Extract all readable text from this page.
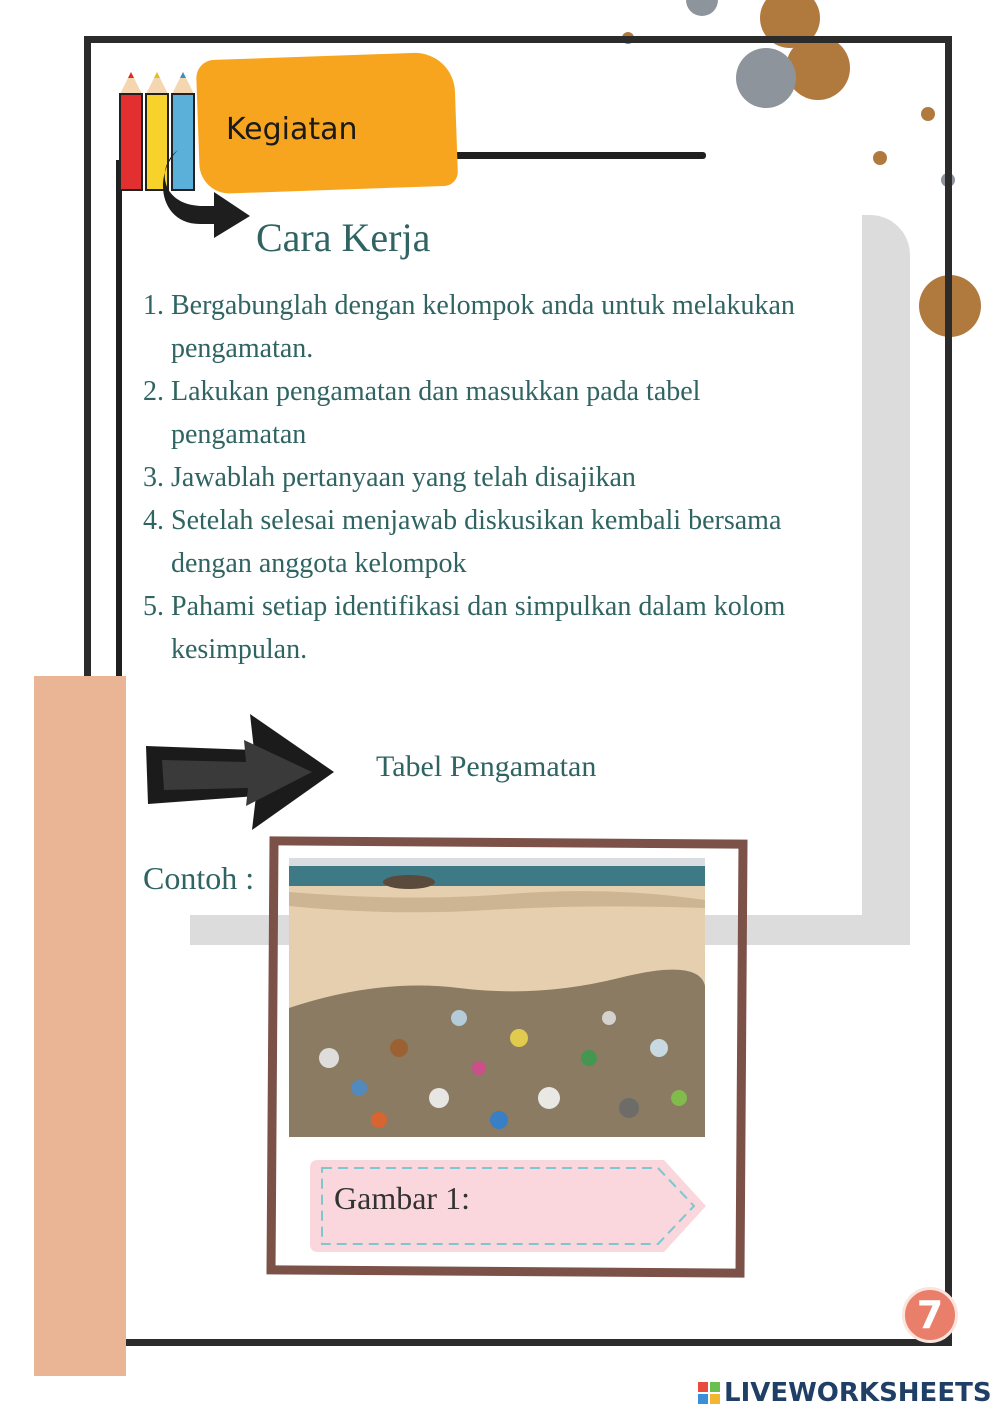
Kegiatan
Cara Kerja
1. Bergabunglah dengan kelompok anda untuk melakukan pengamatan.
2. Lakukan pengamatan dan masukkan pada tabel pengamatan
3. Jawablah pertanyaan yang telah disajikan
4. Setelah selesai menjawab diskusikan kembali bersama dengan anggota kelompok
5. Pahami setiap identifikasi dan simpulkan dalam kolom kesimpulan.
Tabel Pengamatan
Contoh :
Gambar 1:
7
LIVEWORKSHEETS
